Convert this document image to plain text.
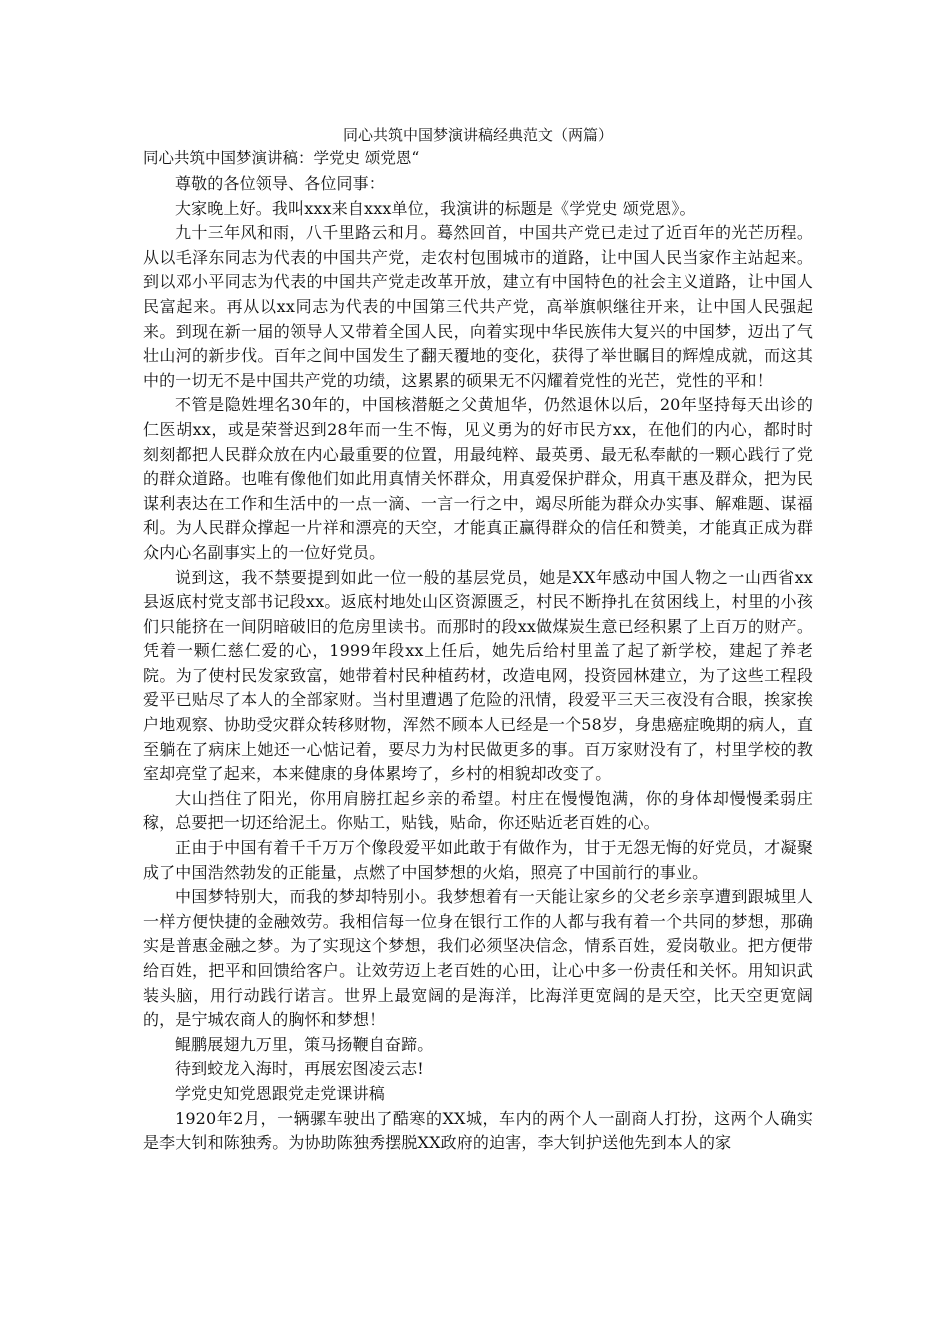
同心共筑中国梦演讲稿经典范文（两篇）

同心共筑中国梦演讲稿：学党史 颂党恩“

尊敬的各位领导、各位同事：

大家晚上好。我叫xxx来自xxx单位，我演讲的标题是《学党史 颂党恩》。

九十三年风和雨，八千里路云和月。蓦然回首，中国共产党已走过了近百年的光芒历程。从以毛泽东同志为代表的中国共产党，走农村包围城市的道路，让中国人民当家作主站起来。到以邓小平同志为代表的中国共产党走改革开放，建立有中国特色的社会主义道路，让中国人民富起来。再从以xx同志为代表的中国第三代共产党，高举旗帜继往开来，让中国人民强起来。到现在新一届的领导人又带着全国人民，向着实现中华民族伟大复兴的中国梦，迈出了气壮山河的新步伐。百年之间中国发生了翻天覆地的变化，获得了举世瞩目的辉煌成就，而这其中的一切无不是中国共产党的功绩，这累累的硕果无不闪耀着党性的光芒，党性的平和！

不管是隐姓埋名30年的，中国核潜艇之父黄旭华，仍然退休以后，20年坚持每天出诊的仁医胡xx，或是荣誉迟到28年而一生不悔，见义勇为的好市民方xx，在他们的内心，都时时刻刻都把人民群众放在内心最重要的位置，用最纯粹、最英勇、最无私奉献的一颗心践行了党的群众道路。也唯有像他们如此用真情关怀群众，用真爱保护群众，用真干惠及群众，把为民谋利表达在工作和生活中的一点一滴、一言一行之中，竭尽所能为群众办实事、解难题、谋福利。为人民群众撑起一片祥和漂亮的天空，才能真正赢得群众的信任和赞美，才能真正成为群众内心名副事实上的一位好党员。

说到这，我不禁要提到如此一位一般的基层党员，她是XX年感动中国人物之一山西省xx县返底村党支部书记段xx。返底村地处山区资源匮乏，村民不断挣扎在贫困线上，村里的小孩们只能挤在一间阴暗破旧的危房里读书。而那时的段xx做煤炭生意已经积累了上百万的财产。凭着一颗仁慈仁爱的心，1999年段xx上任后，她先后给村里盖了起了新学校，建起了养老院。为了使村民发家致富，她带着村民种植药材，改造电网，投资园林建立，为了这些工程段爱平已贴尽了本人的全部家财。当村里遭遇了危险的汛情，段爱平三天三夜没有合眼，挨家挨户地观察、协助受灾群众转移财物，浑然不顾本人已经是一个58岁，身患癌症晚期的病人，直至躺在了病床上她还一心惦记着，要尽力为村民做更多的事。百万家财没有了，村里学校的教室却亮堂了起来，本来健康的身体累垮了，乡村的相貌却改变了。

大山挡住了阳光，你用肩膀扛起乡亲的希望。村庄在慢慢饱满，你的身体却慢慢柔弱庄稼，总要把一切还给泥土。你贴工，贴钱，贴命，你还贴近老百姓的心。

正由于中国有着千千万万个像段爱平如此敢于有做作为，甘于无怨无悔的好党员，才凝聚成了中国浩然勃发的正能量，点燃了中国梦想的火焰，照亮了中国前行的事业。

中国梦特别大，而我的梦却特别小。我梦想着有一天能让家乡的父老乡亲享遭到跟城里人一样方便快捷的金融效劳。我相信每一位身在银行工作的人都与我有着一个共同的梦想，那确实是普惠金融之梦。为了实现这个梦想，我们必须坚决信念，情系百姓，爱岗敬业。把方便带给百姓，把平和回馈给客户。让效劳迈上老百姓的心田，让心中多一份责任和关怀。用知识武装头脑，用行动践行诺言。世界上最宽阔的是海洋，比海洋更宽阔的是天空，比天空更宽阔的，是宁城农商人的胸怀和梦想！

鲲鹏展翅九万里，策马扬鞭自奋蹄。

待到蛟龙入海时，再展宏图凌云志!

学党史知党恩跟党走党课讲稿

1920年2月，一辆骡车驶出了酷寒的XX城，车内的两个人一副商人打扮，这两个人确实是李大钊和陈独秀。为协助陈独秀摆脱XX政府的迫害，李大钊护送他先到本人的家
